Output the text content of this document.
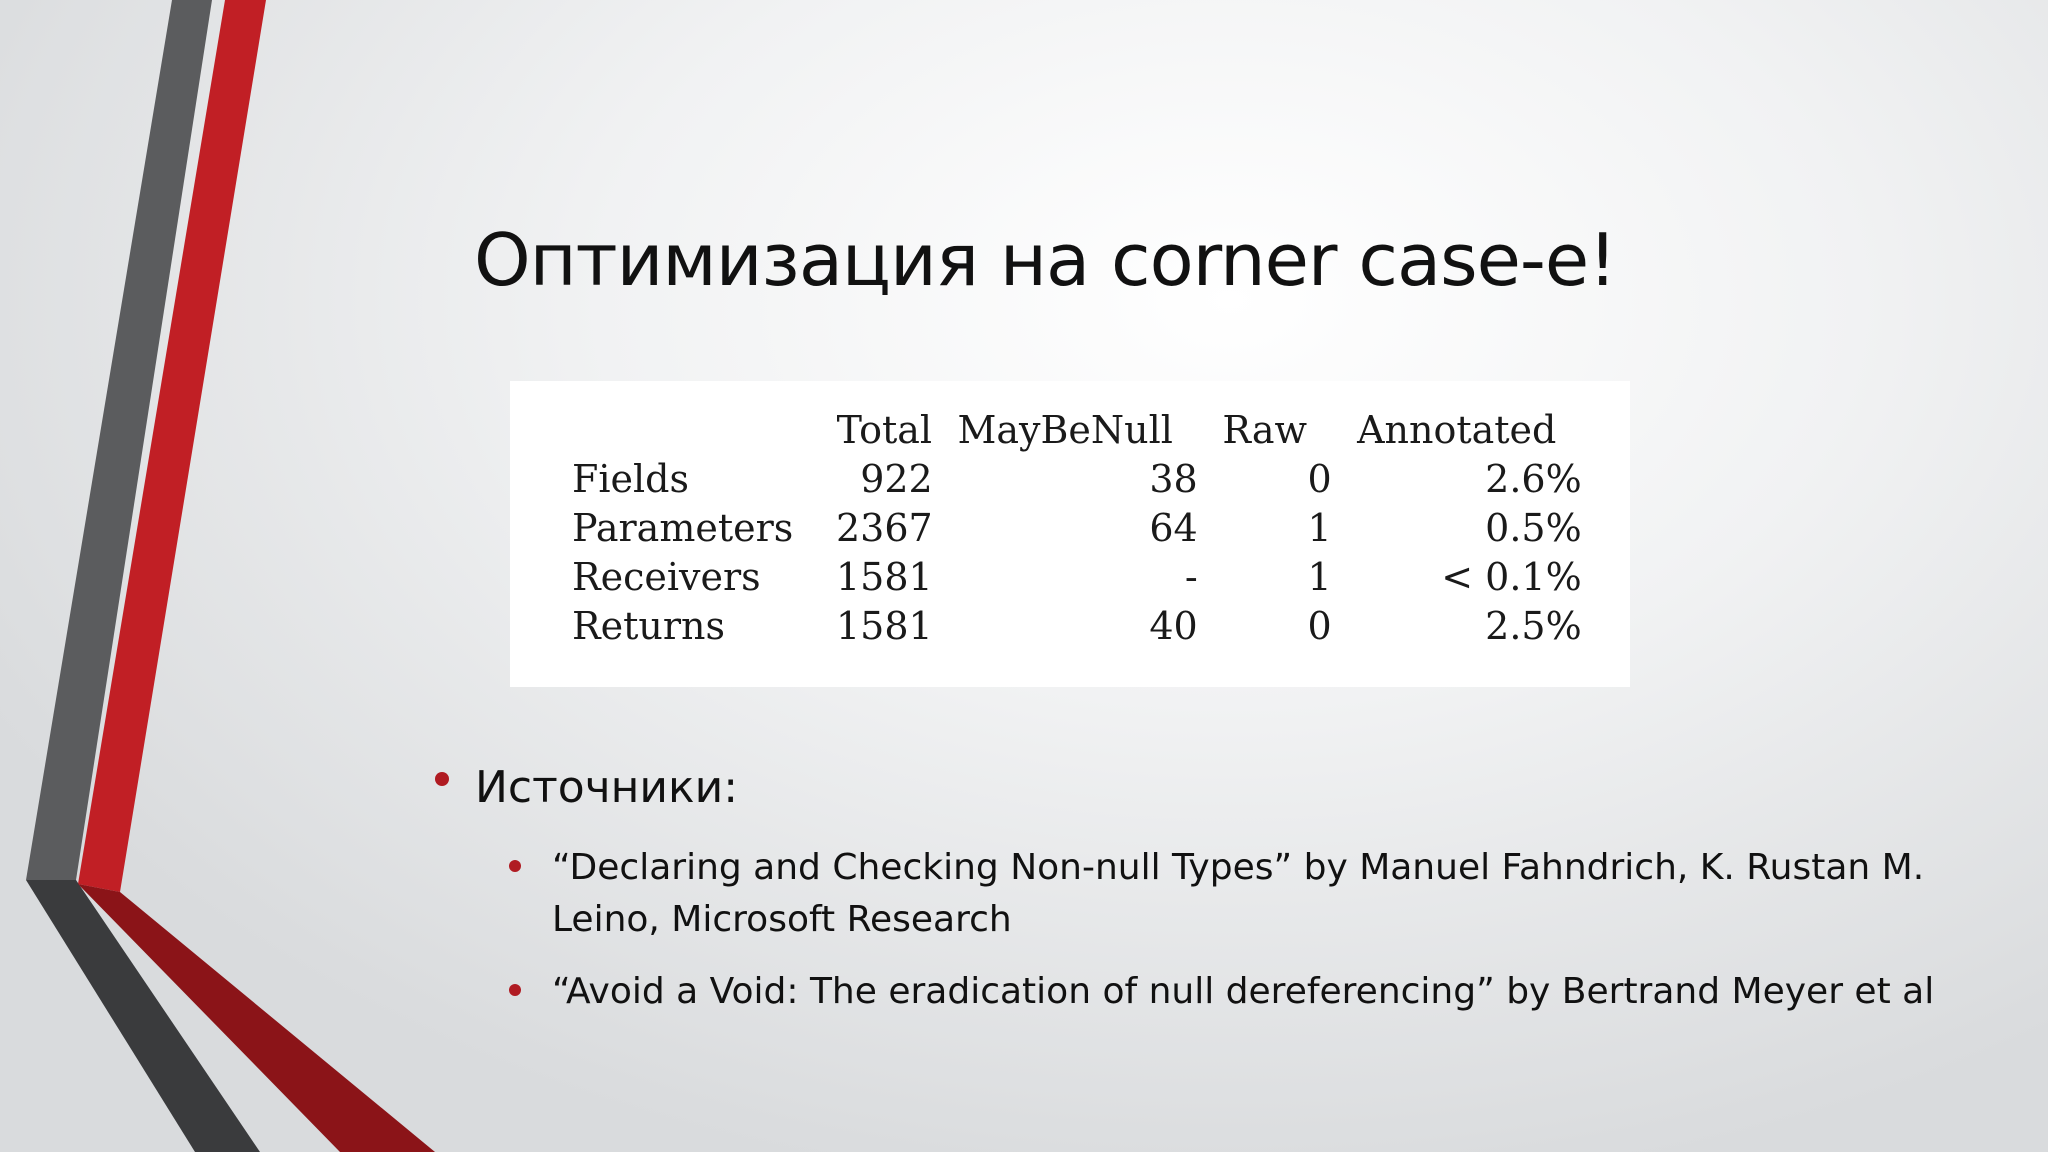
Оптимизация на corner case-е!
	Total	MayBeNull	Raw	Annotated
Fields	922	38	0	2.6%
Parameters	2367	64	1	0.5%
Receivers	1581	-	1	< 0.1%
Returns	1581	40	0	2.5%
Источники:
“Declaring and Checking Non-null Types” by Manuel Fahndrich, K. Rustan M. Leino, Microsoft Research
“Avoid a Void: The eradication of null dereferencing” by Bertrand Meyer et al
